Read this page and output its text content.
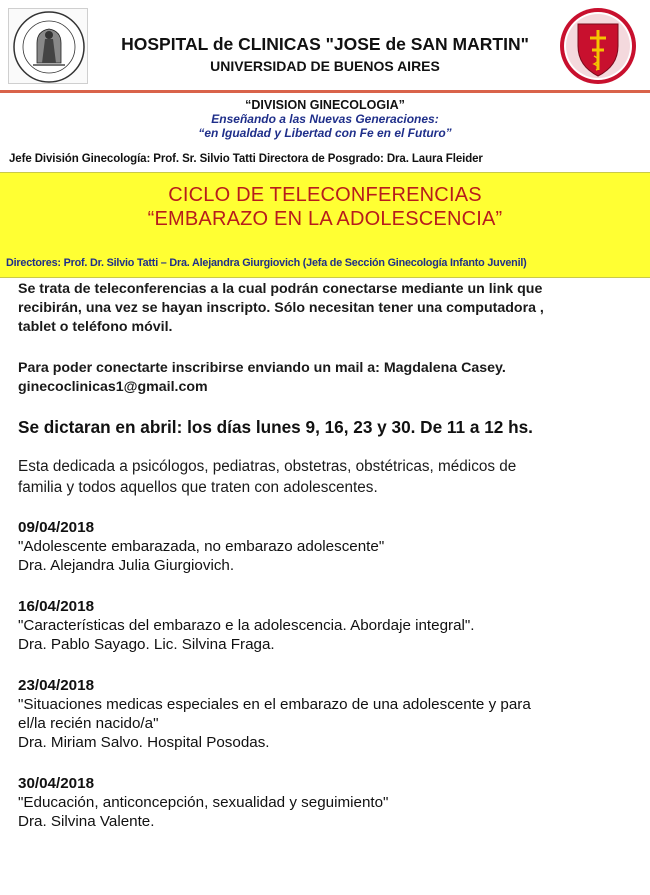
HOSPITAL de CLINICAS "JOSE de SAN MARTIN"
UNIVERSIDAD DE BUENOS AIRES
“DIVISION GINECOLOGIA”
Enseñando a las Nuevas Generaciones:
“en Igualdad y Libertad con Fe en el Futuro”
Jefe División Ginecología: Prof. Sr. Silvio Tatti Directora de Posgrado: Dra. Laura Fleider
CICLO DE TELECONFERENCIAS
“EMBARAZO EN LA ADOLESCENCIA”
Directores: Prof. Dr. Silvio Tatti – Dra. Alejandra Giurgiovich (Jefa de Sección Ginecología Infanto Juvenil)
Se trata de teleconferencias a la cual podrán conectarse mediante un link que
recibirán, una vez se hayan inscripto. Sólo necesitan tener una computadora ,
tablet o teléfono móvil.
Para poder conectarte inscribirse enviando un mail a: Magdalena Casey.
ginecoclinicas1@gmail.com
Se dictaran en abril: los días lunes 9, 16, 23 y 30. De 11 a 12 hs.
Esta dedicada a psicólogos, pediatras, obstetras, obstétricas, médicos de
familia y todos aquellos que traten con adolescentes.
09/04/2018
"Adolescente embarazada, no embarazo adolescente"
Dra. Alejandra Julia Giurgiovich.
16/04/2018
"Características del embarazo e la adolescencia. Abordaje integral".
Dra. Pablo Sayago. Lic. Silvina Fraga.
23/04/2018
"Situaciones medicas especiales en el embarazo de una adolescente y para
el/la recién nacido/a"
Dra. Miriam Salvo. Hospital Posodas.
30/04/2018
"Educación, anticoncepción, sexualidad y seguimiento"
Dra. Silvina Valente.
